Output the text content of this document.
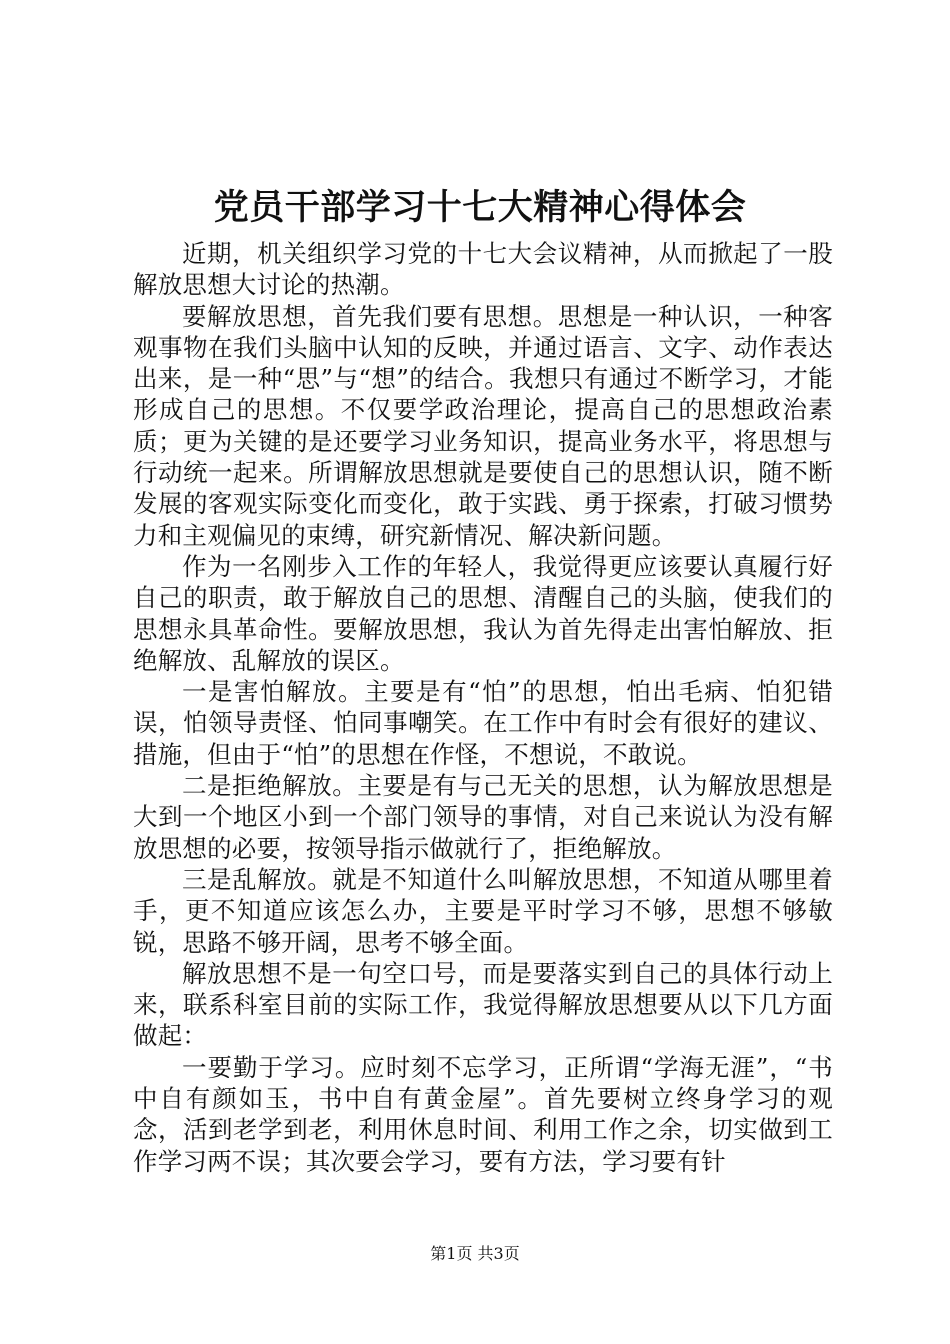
党员干部学习十七大精神心得体会

近期，机关组织学习党的十七大会议精神，从而掀起了一股解放思想大讨论的热潮。

要解放思想，首先我们要有思想。思想是一种认识，一种客观事物在我们头脑中认知的反映，并通过语言、文字、动作表达出来，是一种“思”与“想”的结合。我想只有通过不断学习，才能形成自己的思想。不仅要学政治理论，提高自己的思想政治素质；更为关键的是还要学习业务知识，提高业务水平，将思想与行动统一起来。所谓解放思想就是要使自己的思想认识，随不断发展的客观实际变化而变化，敢于实践、勇于探索，打破习惯势力和主观偏见的束缚，研究新情况、解决新问题。

作为一名刚步入工作的年轻人，我觉得更应该要认真履行好自己的职责，敢于解放自己的思想、清醒自己的头脑，使我们的思想永具革命性。要解放思想，我认为首先得走出害怕解放、拒绝解放、乱解放的误区。

一是害怕解放。主要是有“怕”的思想，怕出毛病、怕犯错误，怕领导责怪、怕同事嘲笑。在工作中有时会有很好的建议、措施，但由于“怕”的思想在作怪，不想说，不敢说。

二是拒绝解放。主要是有与己无关的思想，认为解放思想是大到一个地区小到一个部门领导的事情，对自己来说认为没有解放思想的必要，按领导指示做就行了，拒绝解放。

三是乱解放。就是不知道什么叫解放思想，不知道从哪里着手，更不知道应该怎么办，主要是平时学习不够，思想不够敏锐，思路不够开阔，思考不够全面。

解放思想不是一句空口号，而是要落实到自己的具体行动上来，联系科室目前的实际工作，我觉得解放思想要从以下几方面做起：

一要勤于学习。应时刻不忘学习，正所谓“学海无涯”，“书中自有颜如玉，书中自有黄金屋”。首先要树立终身学习的观念，活到老学到老，利用休息时间、利用工作之余，切实做到工作学习两不误；其次要会学习，要有方法，学习要有针

第1页 共3页
